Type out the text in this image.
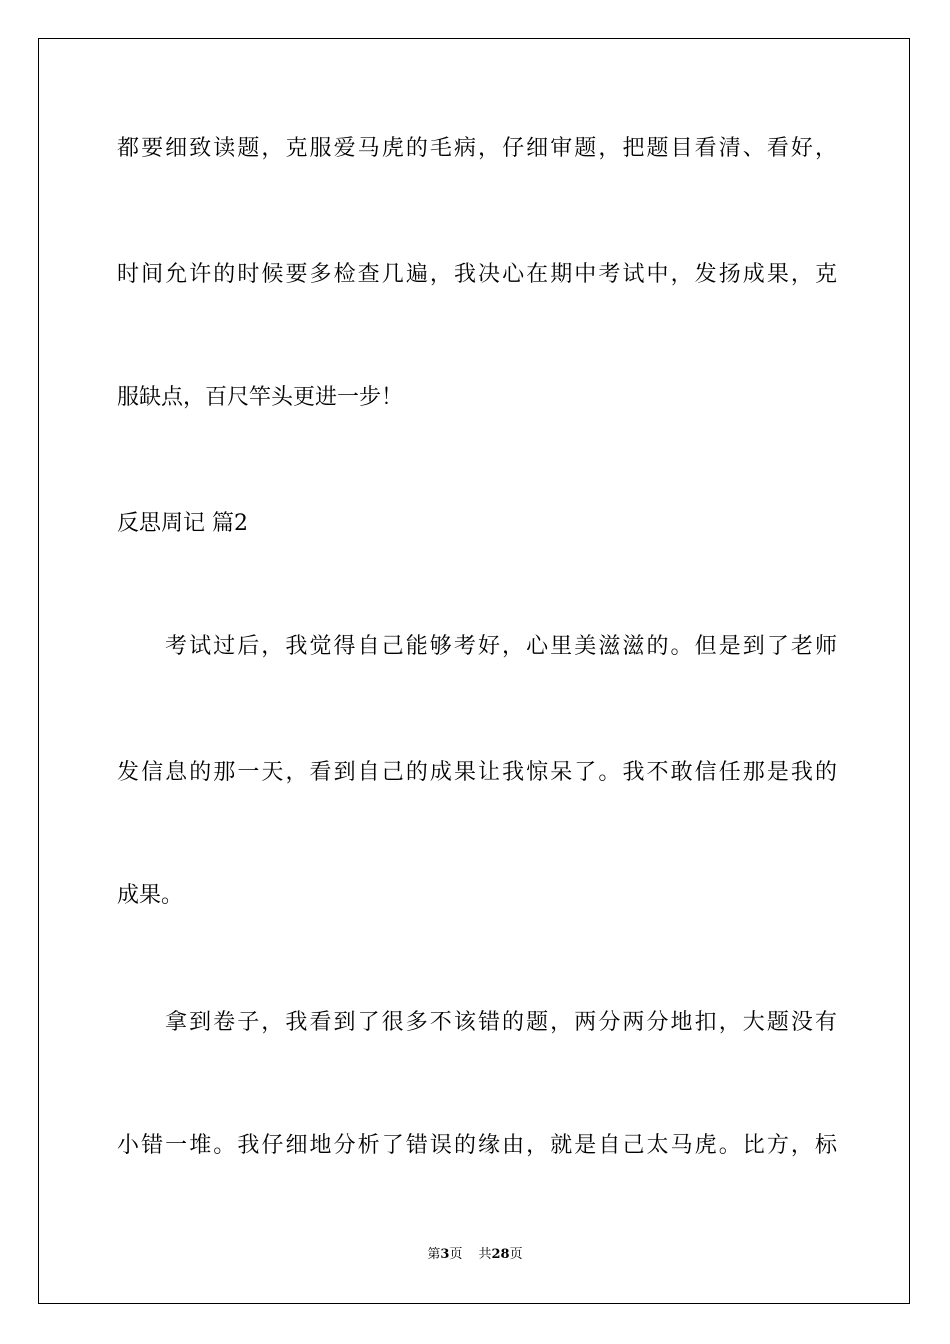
都要细致读题，克服爱马虎的毛病，仔细审题，把题目看清、看好，
时间允许的时候要多检查几遍，我决心在期中考试中，发扬成果，克
服缺点，百尺竿头更进一步！
反思周记 篇2
考试过后，我觉得自己能够考好，心里美滋滋的。但是到了老师
发信息的那一天，看到自己的成果让我惊呆了。我不敢信任那是我的
成果。
拿到卷子，我看到了很多不该错的题，两分两分地扣，大题没有
小错一堆。我仔细地分析了错误的缘由，就是自己太马虎。比方，标
第3页 共28页
